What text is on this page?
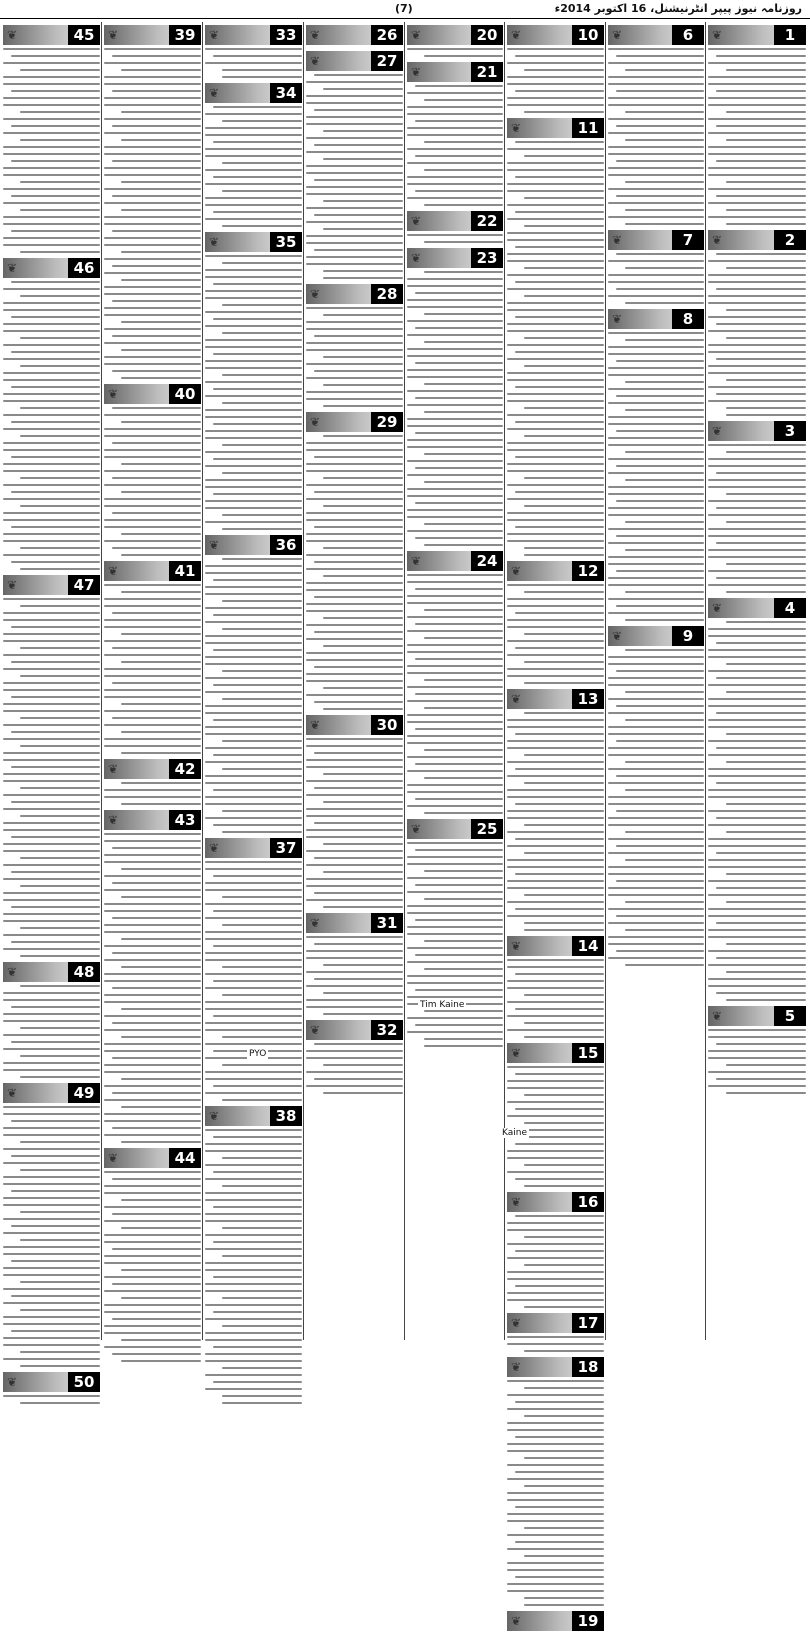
روزنامہ نیوز پیپر انٹرنیشنل، 16 اکتوبر 2014ء
(7)
❦	1
❦	2
❦	3
❦	4
❦	5
❦	6
❦	7
❦	8
❦	9
❦	10
❦	11
❦	12
❦	13
❦	14
❦	15
❦	16
❦	17
❦	18
❦	19
❦	20
❦	21
❦	22
❦	23
❦	24
❦	25
❦	26
❦	27
❦	28
❦	29
❦	30
❦	31
❦	32
❦	33
❦	34
❦	35
❦	36
❦	37
❦	38
❦	39
❦	40
❦	41
❦	42
❦	43
❦	44
❦	45
❦	46
❦	47
❦	48
❦	49
❦	50
Tim Kaine
Kaine
PYO
